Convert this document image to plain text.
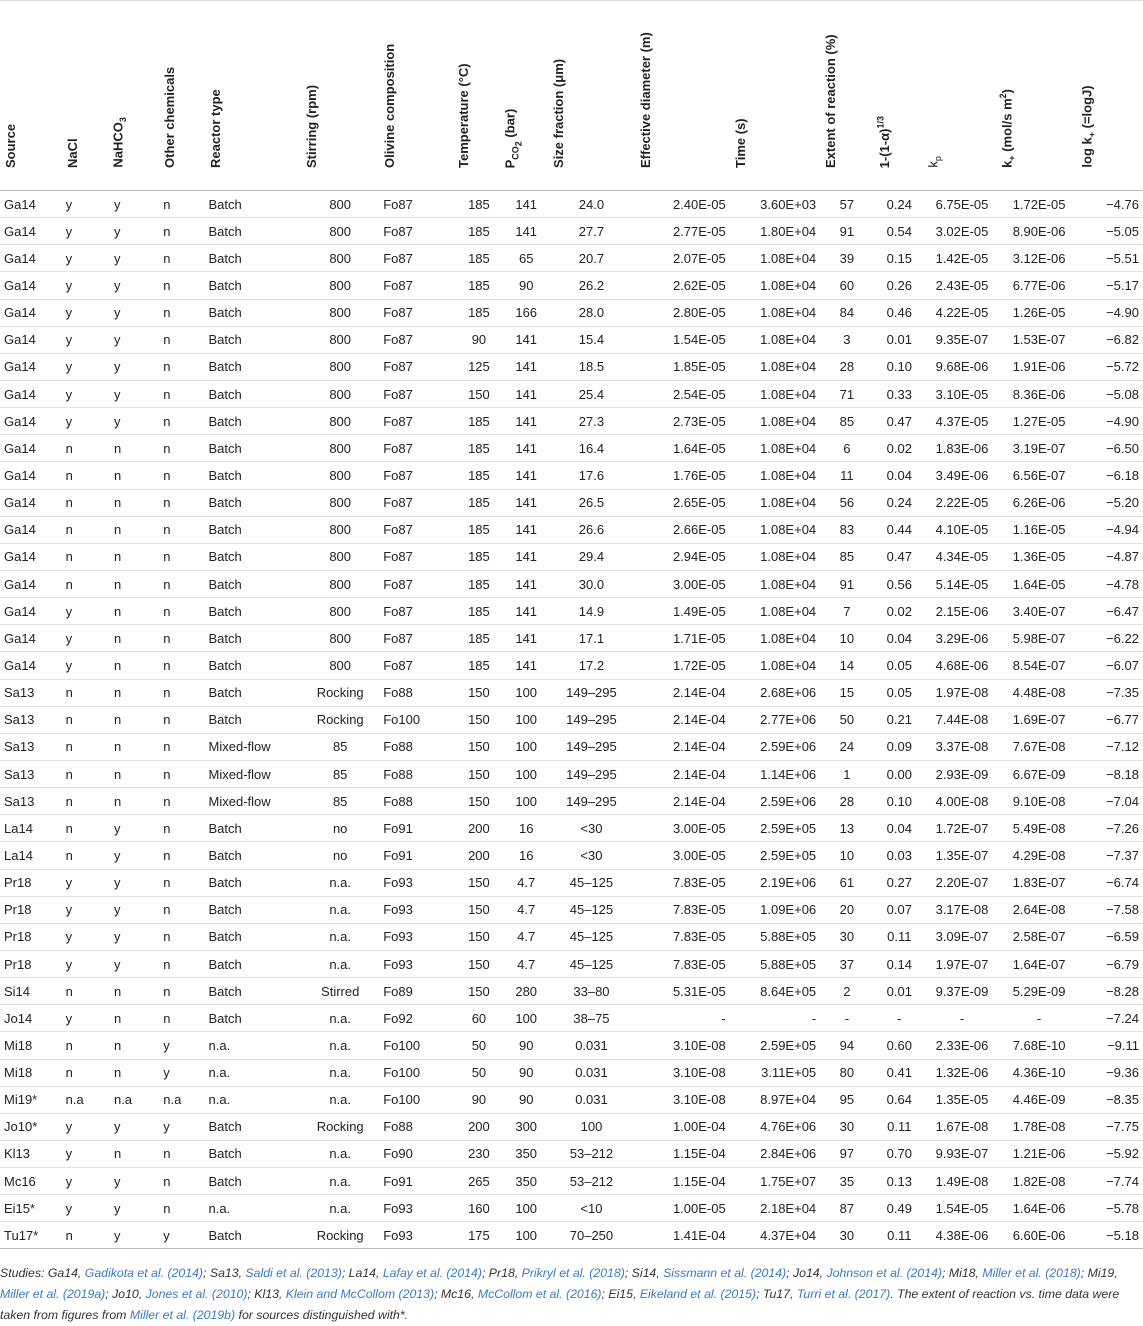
Source	NaCl	NaHCO$_3$	Other chemicals	Reactor type	Stirring (rpm)	Olivine composition	Temperature (°C)	$P_{CO_2}$ (bar)	Size fraction (μm)	Effective diameter (m)	Time (s)	Extent of reaction (%)	$1-(1-\alpha)^{1/3}$	$k_p$	$k_+$ (mol/s $m^2$)	$\log k_+$ (=logJ)

Ga14	y	y	n	Batch	800	Fo87	185	141	24.0	2.40E-05	3.60E+03	57	0.24	6.75E-05	1.72E-05	−4.76
Ga14	y	y	n	Batch	800	Fo87	185	141	27.7	2.77E-05	1.80E+04	91	0.54	3.02E-05	8.90E-06	−5.05
Ga14	y	y	n	Batch	800	Fo87	185	65	20.7	2.07E-05	1.08E+04	39	0.15	1.42E-05	3.12E-06	−5.51
Ga14	y	y	n	Batch	800	Fo87	185	90	26.2	2.62E-05	1.08E+04	60	0.26	2.43E-05	6.77E-06	−5.17
Ga14	y	y	n	Batch	800	Fo87	185	166	28.0	2.80E-05	1.08E+04	84	0.46	4.22E-05	1.26E-05	−4.90
Ga14	y	y	n	Batch	800	Fo87	90	141	15.4	1.54E-05	1.08E+04	3	0.01	9.35E-07	1.53E-07	−6.82
Ga14	y	y	n	Batch	800	Fo87	125	141	18.5	1.85E-05	1.08E+04	28	0.10	9.68E-06	1.91E-06	−5.72
Ga14	y	y	n	Batch	800	Fo87	150	141	25.4	2.54E-05	1.08E+04	71	0.33	3.10E-05	8.36E-06	−5.08
Ga14	y	y	n	Batch	800	Fo87	185	141	27.3	2.73E-05	1.08E+04	85	0.47	4.37E-05	1.27E-05	−4.90
Ga14	n	n	n	Batch	800	Fo87	185	141	16.4	1.64E-05	1.08E+04	6	0.02	1.83E-06	3.19E-07	−6.50
Ga14	n	n	n	Batch	800	Fo87	185	141	17.6	1.76E-05	1.08E+04	11	0.04	3.49E-06	6.56E-07	−6.18
Ga14	n	n	n	Batch	800	Fo87	185	141	26.5	2.65E-05	1.08E+04	56	0.24	2.22E-05	6.26E-06	−5.20
Ga14	n	n	n	Batch	800	Fo87	185	141	26.6	2.66E-05	1.08E+04	83	0.44	4.10E-05	1.16E-05	−4.94
Ga14	n	n	n	Batch	800	Fo87	185	141	29.4	2.94E-05	1.08E+04	85	0.47	4.34E-05	1.36E-05	−4.87
Ga14	n	n	n	Batch	800	Fo87	185	141	30.0	3.00E-05	1.08E+04	91	0.56	5.14E-05	1.64E-05	−4.78
Ga14	y	n	n	Batch	800	Fo87	185	141	14.9	1.49E-05	1.08E+04	7	0.02	2.15E-06	3.40E-07	−6.47
Ga14	y	n	n	Batch	800	Fo87	185	141	17.1	1.71E-05	1.08E+04	10	0.04	3.29E-06	5.98E-07	−6.22
Ga14	y	n	n	Batch	800	Fo87	185	141	17.2	1.72E-05	1.08E+04	14	0.05	4.68E-06	8.54E-07	−6.07
Sa13	n	n	n	Batch	Rocking	Fo88	150	100	149–295	2.14E-04	2.68E+06	15	0.05	1.97E-08	4.48E-08	−7.35
Sa13	n	n	n	Batch	Rocking	Fo100	150	100	149–295	2.14E-04	2.77E+06	50	0.21	7.44E-08	1.69E-07	−6.77
Sa13	n	n	n	Mixed-flow	85	Fo88	150	100	149–295	2.14E-04	2.59E+06	24	0.09	3.37E-08	7.67E-08	−7.12
Sa13	n	n	n	Mixed-flow	85	Fo88	150	100	149–295	2.14E-04	1.14E+06	1	0.00	2.93E-09	6.67E-09	−8.18
Sa13	n	n	n	Mixed-flow	85	Fo88	150	100	149–295	2.14E-04	2.59E+06	28	0.10	4.00E-08	9.10E-08	−7.04
La14	n	y	n	Batch	no	Fo91	200	16	<30	3.00E-05	2.59E+05	13	0.04	1.72E-07	5.49E-08	−7.26
La14	n	y	n	Batch	no	Fo91	200	16	<30	3.00E-05	2.59E+05	10	0.03	1.35E-07	4.29E-08	−7.37
Pr18	y	y	n	Batch	n.a.	Fo93	150	4.7	45–125	7.83E-05	2.19E+06	61	0.27	2.20E-07	1.83E-07	−6.74
Pr18	y	y	n	Batch	n.a.	Fo93	150	4.7	45–125	7.83E-05	1.09E+06	20	0.07	3.17E-08	2.64E-08	−7.58
Pr18	y	y	n	Batch	n.a.	Fo93	150	4.7	45–125	7.83E-05	5.88E+05	30	0.11	3.09E-07	2.58E-07	−6.59
Pr18	y	y	n	Batch	n.a.	Fo93	150	4.7	45–125	7.83E-05	5.88E+05	37	0.14	1.97E-07	1.64E-07	−6.79
Si14	n	n	n	Batch	Stirred	Fo89	150	280	33–80	5.31E-05	8.64E+05	2	0.01	9.37E-09	5.29E-09	−8.28
Jo14	y	n	n	Batch	n.a.	Fo92	60	100	38–75	-	-	-	-	-	-	−7.24
Mi18	n	n	y	n.a.	n.a.	Fo100	50	90	0.031	3.10E-08	2.59E+05	94	0.60	2.33E-06	7.68E-10	−9.11
Mi18	n	n	y	n.a.	n.a.	Fo100	50	90	0.031	3.10E-08	3.11E+05	80	0.41	1.32E-06	4.36E-10	−9.36
Mi19*	n.a	n.a	n.a	n.a.	n.a.	Fo100	90	90	0.031	3.10E-08	8.97E+04	95	0.64	1.35E-05	4.46E-09	−8.35
Jo10*	y	y	y	Batch	Rocking	Fo88	200	300	100	1.00E-04	4.76E+06	30	0.11	1.67E-08	1.78E-08	−7.75
Kl13	y	n	n	Batch	n.a.	Fo90	230	350	53–212	1.15E-04	2.84E+06	97	0.70	9.93E-07	1.21E-06	−5.92
Mc16	y	y	n	Batch	n.a.	Fo91	265	350	53–212	1.15E-04	1.75E+07	35	0.13	1.49E-08	1.82E-08	−7.74
Ei15*	y	y	n	n.a.	n.a.	Fo93	160	100	<10	1.00E-05	2.18E+04	87	0.49	1.54E-05	1.64E-06	−5.78
Tu17*	n	y	y	Batch	Rocking	Fo93	175	100	70–250	1.41E-04	4.37E+04	30	0.11	4.38E-06	6.60E-06	−5.18
Studies: Ga14, Gadikota et al. (2014); Sa13, Saldi et al. (2013); La14, Lafay et al. (2014); Pr18, Prikryl et al. (2018); Si14, Sissmann et al. (2014); Jo14, Johnson et al. (2014); Mi18, Miller et al. (2018); Mi19, Miller et al. (2019a); Jo10, Jones et al. (2010); Kl13, Klein and McCollom (2013); Mc16, McCollom et al. (2016); Ei15, Eikeland et al. (2015); Tu17, Turri et al. (2017). The extent of reaction vs. time data were taken from figures from Miller et al. (2019b) for sources distinguished with*.
